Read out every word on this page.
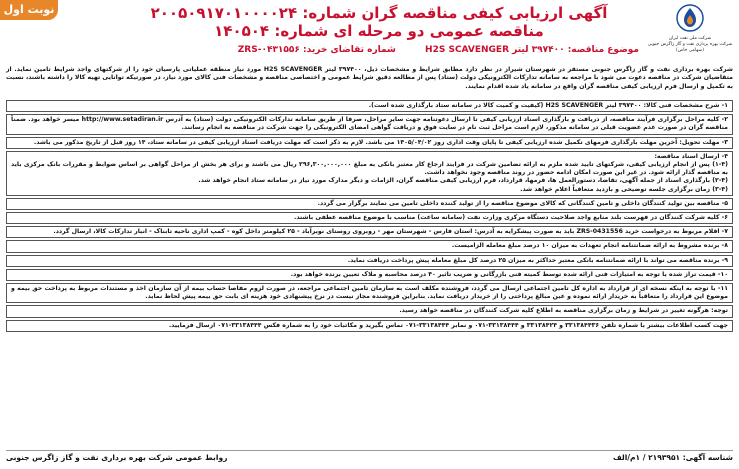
نوبت اول	آگهی ارزیابی کیفی مناقصه گران شماره: ۲۰۰۵۰۹۱۷۰۱۰۰۰۰۲۴
مناقصه عمومی دو مرحله ای شماره: ۱۴۰۵۰۴
موضوع مناقصه: ۳۹۷۴۰۰ لیتر H2S SCAVENGER شماره تقاضای خرید: ZRS-۰۴۳۱۵۵۶
شرکت ملی نفت ایران
شرکت بهره برداری نفت و گاز زاگرس جنوبی
(سهامی خاص)
شرکت بهره برداری نفت و گاز زاگرس جنوبی مستقر در شهرستان شیراز در نظر دارد مطابق شرایط و مشخصات ذیل، ۳۹۷۴۰۰ لیتر H2S SCAVENGER مورد نیاز منطقه عملیاتی پارسیان خود را از شرکتهای واجد شرایط تامین نماید. از متقاضیان شرکت در مناقصه دعوت می شود با مراجعه به سامانه تدارکات الکترونیکی دولت (ستاد) پس از مطالعه دقیق شرایط عمومی و اختصاصی مناقصه و مشخصات فنی کالای مورد نیاز، در صورتیکه توانایی تهیه کالا را داشته باشند، نسبت به تکمیل و ارسال فرم ارزیابی کیفی مناقصه گران واقع در سامانه یاد شده اقدام نمایند.
۱- شرح مشخصات فنی کالا: ۳۹۷۴۰۰ لیتر H2S SCAVENGER (کیفیت و کمیت کالا در سامانه ستاد بارگذاری شده است).
۲- کلیه مراحل برگزاری فرآیند مناقصه، از دریافت و بارگذاری اسناد ارزیابی کیفی تا ارسال دعوتنامه جهت سایر مراحل، صرفا از طریق سامانه تدارکات الکترونیکی دولت (ستاد) به آدرس http://www.setadiran.ir میسر خواهد بود. ضمناً مناقصه گران در صورت عدم عضویت قبلی در سامانه مذکور، لازم است مراحل ثبت نام در سایت فوق و دریافت گواهی امضای الکترونیکی را جهت شرکت در مناقصه به انجام رسانند.
۳- مهلت تحویل: آخرین مهلت بارگذاری فرمهای تکمیل شده ارزیابی کیفی تا پایان وقت اداری روز ۱۴۰۵/۰۴/۰۲ می باشد. لازم به ذکر است که مهلت دریافت اسناد ارزیابی کیفی در سامانه ستاد، ۱۴ روز قبل از تاریخ مذکور می باشد.
۴- ارسال اسناد مناقصه:
(۱-۴) پس از انجام ارزیابی کیفی، شرکتهای تایید شده ملزم به ارائه تضامین شرکت در فرایند ارجاع کار معتبر بانکی به مبلغ ۲۹۶,۳۰۰,۰۰۰,۰۰۰ ریال می باشند و برای هر بخش از مراحل گواهی بر اساس ضوابط و مقررات بانک مرکزی باید به مناقصه گذار ارائه شود. در غیر این صورت امکان ادامه حضور در روند مناقصه وجود نخواهد داشت.
(۲-۴) بارگذاری اسناد از جمله آگهی، تقاضا، دستورالعمل ها، فرمها، قرارداد، فرم ارزیابی کیفی مناقصه گران، الزامات و دیگر مدارک مورد نیاز در سامانه ستاد انجام خواهد شد.
(۳-۴) زمان برگزاری جلسه توضیحی و بازدید متعاقباً اعلام خواهد شد.
۵- مناقصه بین تولید کنندگان داخلی و تامین کنندگانی که کالای موضوع مناقصه را از تولید کننده داخلی تامین می نمایند برگزار می گردد.
۶- کلیه شرکت کنندگان در فهرست بلند منابع واجد صلاحیت دستگاه مرکزی وزارت نفت (سامانه ساعت) مناسب با موضوع مناقصه عطفی باشند.
۷- اقلام مربوط به درخواست خرید ZRS-0431556 باید به صورت پیشکرایه به آدرس: استان فارس - شهرستان مهر - روبروی روستای نوبرآباد - ۲۵ کیلومتر داخل کوه - کمپ اداری ناحیه تابناک - انبار تدارکات کالا، ارسال گردد.
۸- برنده مشروط به ارائه ضمانتنامه انجام تعهدات به میزان ۱۰ درصد مبلغ معامله الزامیست.
۹- برنده مناقصه می تواند با ارائه ضمانتنامه بانکی معتبر حداکثر به میزان ۲۵ درصد کل مبلغ معامله پیش پرداخت دریافت نماید.
۱۰- قیمت تراز شده با توجه به امتیازات فنی ارائه شده توسط کمیته فنی بازرگانی و ضریب تاثیر ۴۰ درصد محاسبه و ملاک تعیین برنده خواهد بود.
۱۱- با توجه به اینکه نسخه ای از قرارداد به اداره کل تامین اجتماعی ارسال می گردد، فروشنده مکلف است به سازمان تامین اجتماعی مراجعه، در صورت لزوم مفاصا حساب بیمه از آن سازمان اخذ و مستندات مربوط به پرداخت حق بیمه و موضوع این قرارداد را متعاقباً به خریدار ارائه نموده و عین مبالغ پرداختی را از خریدار دریافت نماید. بنابراین فروشنده مجاز نیست در نرخ پیشنهادی خود هزینه ای بابت حق بیمه پیش لحاظ نماید.
توجه: هرگونه تغییر در شرایط و زمان برگزاری مناقصه به اطلاع کلیه شرکت کنندگان در مناقصه خواهد رسید.
جهت کسب اطلاعات بیشتر با شماره تلفن ۳۳۱۳۸۴۴۳۶ و ۳۳۱۳۸۴۲۴ و ۳۳۱۳۸۴۴۴-۰۷۱ و نمابر ۳۳۱۳۸۴۴۴-۰۷۱ تماس بگیرید و مکاتبات خود را به شماره فکس ۳۳۱۳۸۴۴۴-۰۷۱ ارسال فرمایید.
شناسه آگهی: ۲۱۹۳۹۵۱ / ۱م/الف
روابط عمومی شرکت بهره برداری نفت و گاز زاگرس جنوبی
